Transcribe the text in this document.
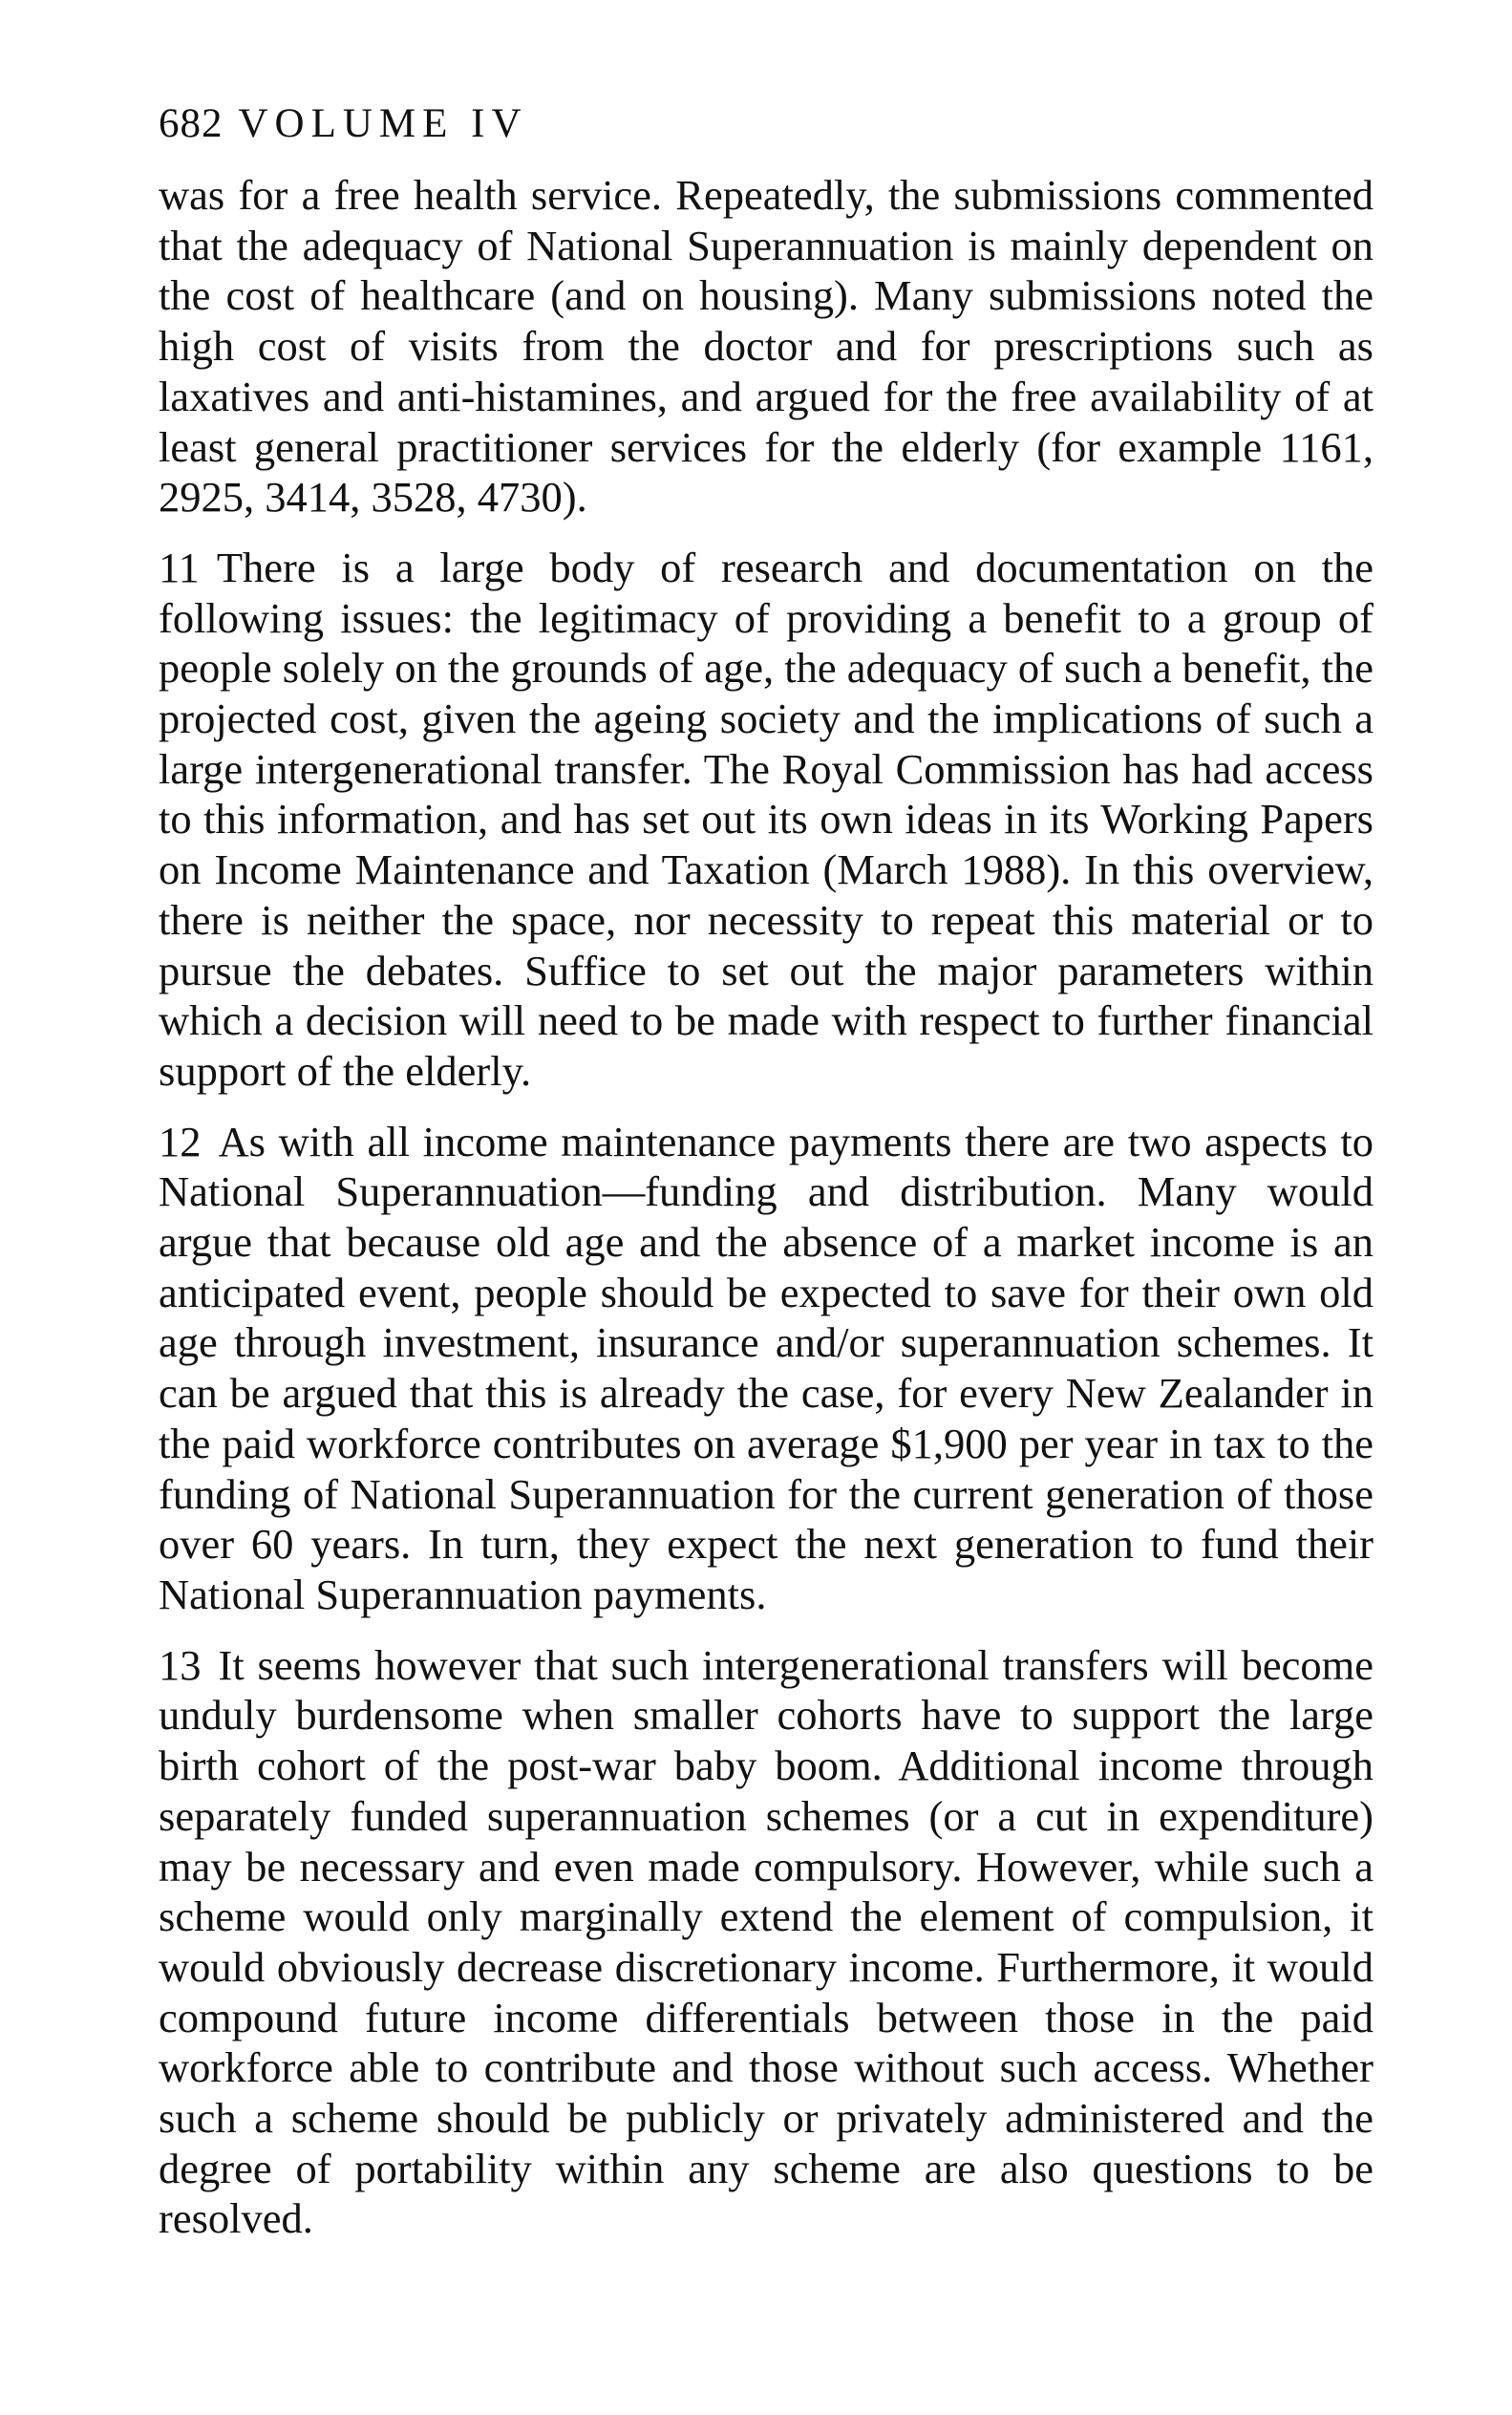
682 VOLUME IV

was for a free health service. Repeatedly, the submissions commented that the adequacy of National Superannuation is mainly dependent on the cost of healthcare (and on housing). Many submissions noted the high cost of visits from the doctor and for prescriptions such as laxatives and anti-histamines, and argued for the free availability of at least general practitioner services for the elderly (for example 1161, 2925, 3414, 3528, 4730).

11 There is a large body of research and documentation on the following issues: the legitimacy of providing a benefit to a group of people solely on the grounds of age, the adequacy of such a benefit, the projected cost, given the ageing society and the implications of such a large intergenerational transfer. The Royal Commission has had access to this information, and has set out its own ideas in its Working Papers on Income Maintenance and Taxation (March 1988). In this overview, there is neither the space, nor necessity to repeat this material or to pursue the debates. Suffice to set out the major parameters within which a decision will need to be made with respect to further financial support of the elderly.

12 As with all income maintenance payments there are two aspects to National Superannuation—funding and distribution. Many would argue that because old age and the absence of a market income is an anticipated event, people should be expected to save for their own old age through investment, insurance and/or superannuation schemes. It can be argued that this is already the case, for every New Zealander in the paid workforce contributes on average $1,900 per year in tax to the funding of National Superannuation for the current generation of those over 60 years. In turn, they expect the next generation to fund their National Superannuation payments.

13 It seems however that such intergenerational transfers will become unduly burdensome when smaller cohorts have to support the large birth cohort of the post-war baby boom. Additional income through separately funded superannuation schemes (or a cut in expenditure) may be necessary and even made compulsory. However, while such a scheme would only marginally extend the element of compulsion, it would obviously decrease discretionary income. Furthermore, it would compound future income differentials between those in the paid workforce able to contribute and those without such access. Whether such a scheme should be publicly or privately administered and the degree of portability within any scheme are also questions to be resolved.
